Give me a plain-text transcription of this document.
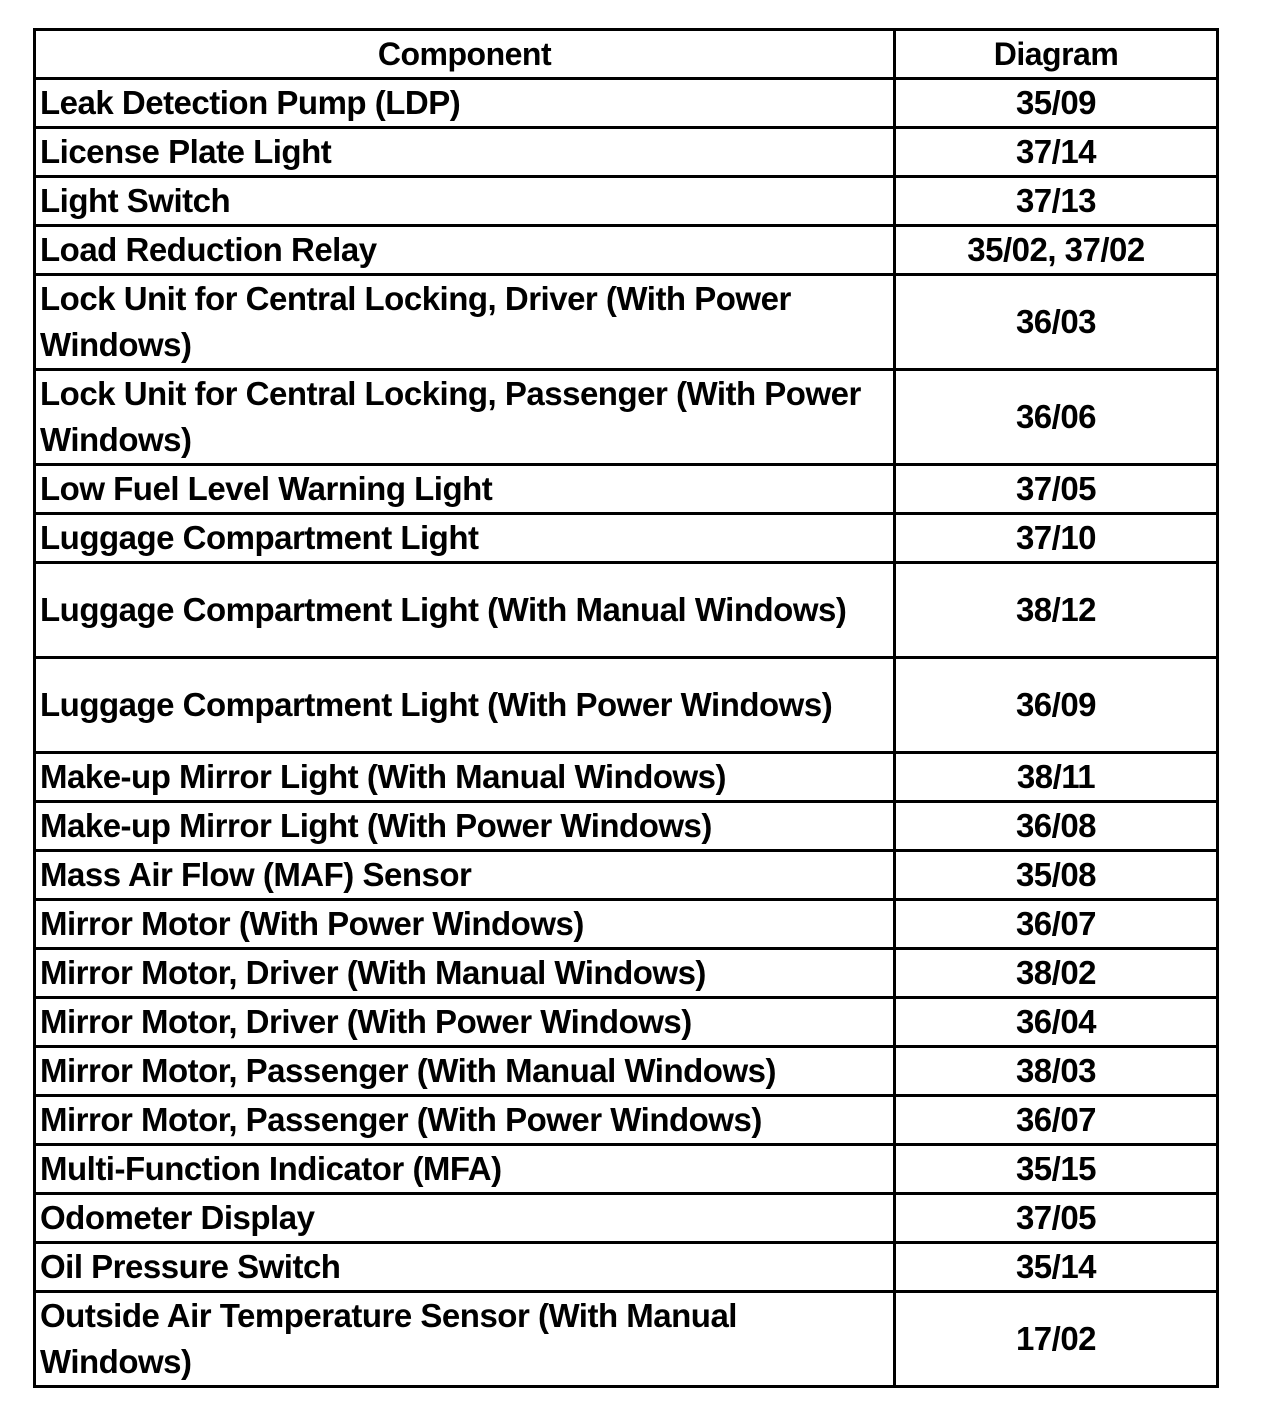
Component	Diagram
Leak Detection Pump (LDP)	35/09
License Plate Light	37/14
Light Switch	37/13
Load Reduction Relay	35/02, 37/02
Lock Unit for Central Locking, Driver (With Power Windows)	36/03
Lock Unit for Central Locking, Passenger (With Power Windows)	36/06
Low Fuel Level Warning Light	37/05
Luggage Compartment Light	37/10
Luggage Compartment Light (With Manual Windows)	38/12
Luggage Compartment Light (With Power Windows)	36/09
Make-up Mirror Light (With Manual Windows)	38/11
Make-up Mirror Light (With Power Windows)	36/08
Mass Air Flow (MAF) Sensor	35/08
Mirror Motor (With Power Windows)	36/07
Mirror Motor, Driver (With Manual Windows)	38/02
Mirror Motor, Driver (With Power Windows)	36/04
Mirror Motor, Passenger (With Manual Windows)	38/03
Mirror Motor, Passenger (With Power Windows)	36/07
Multi-Function Indicator (MFA)	35/15
Odometer Display	37/05
Oil Pressure Switch	35/14
Outside Air Temperature Sensor (With Manual Windows)	17/02
